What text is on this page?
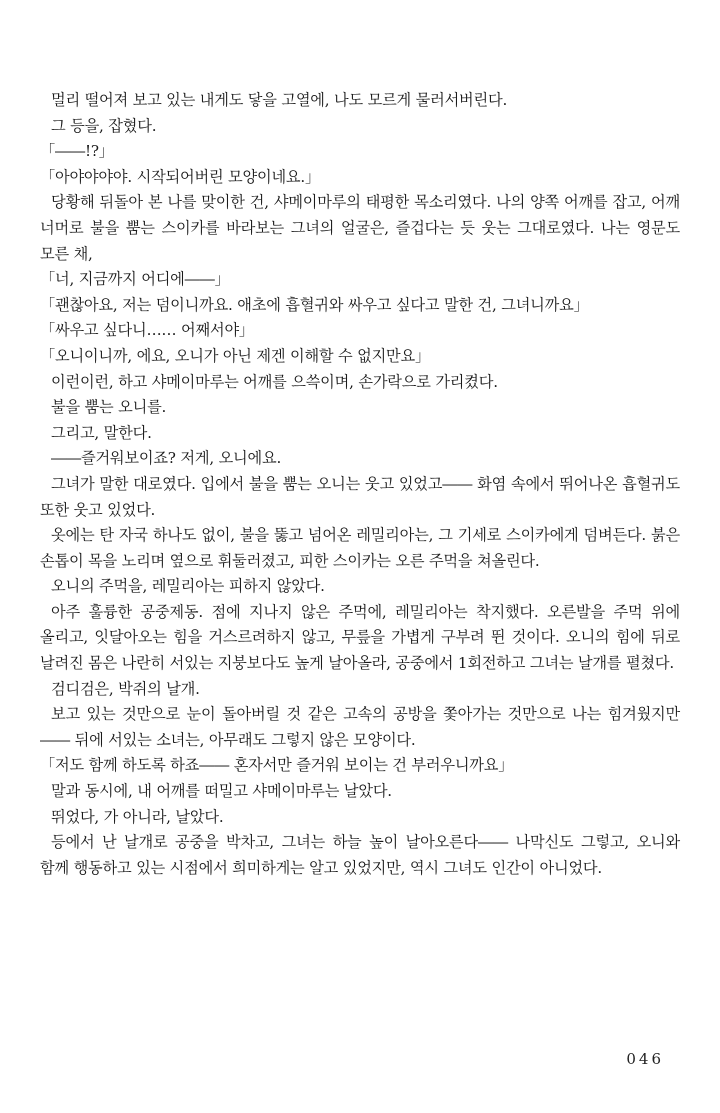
멀리 떨어져 보고 있는 내게도 닿을 고열에, 나도 모르게 물러서버린다.

그 등을, 잡혔다.

「――!?」

「아야야야야. 시작되어버린 모양이네요.」

당황해 뒤돌아 본 나를 맞이한 건, 샤메이마루의 태평한 목소리였다. 나의 양쪽 어깨를 잡고, 어깨 너머로 불을 뿜는 스이카를 바라보는 그녀의 얼굴은, 즐겁다는 듯 웃는 그대로였다. 나는 영문도 모른 채,

「너, 지금까지 어디에――」

「괜찮아요, 저는 덤이니까요. 애초에 흡혈귀와 싸우고 싶다고 말한 건, 그녀니까요」

「싸우고 싶다니…… 어째서야」

「오니이니까, 에요, 오니가 아닌 제겐 이해할 수 없지만요」

이런이런, 하고 샤메이마루는 어깨를 으쓱이며, 손가락으로 가리켰다.

불을 뿜는 오니를.

그리고, 말한다.

――즐거워보이죠? 저게, 오니에요.

그녀가 말한 대로였다. 입에서 불을 뿜는 오니는 웃고 있었고―― 화염 속에서 뛰어나온 흡혈귀도 또한 웃고 있었다.

옷에는 탄 자국 하나도 없이, 불을 뚫고 넘어온 레밀리아는, 그 기세로 스이카에게 덤벼든다. 붉은 손톱이 목을 노리며 옆으로 휘둘러졌고, 피한 스이카는 오른 주먹을 쳐올린다.

오니의 주먹을, 레밀리아는 피하지 않았다.

아주 훌륭한 공중제동. 점에 지나지 않은 주먹에, 레밀리아는 착지했다. 오른발을 주먹 위에 올리고, 잇달아오는 힘을 거스르려하지 않고, 무릎을 가볍게 구부려 뛴 것이다. 오니의 힘에 뒤로 날려진 몸은 나란히 서있는 지붕보다도 높게 날아올라, 공중에서 1회전하고 그녀는 날개를 펼쳤다.

검디검은, 박쥐의 날개.

보고 있는 것만으로 눈이 돌아버릴 것 같은 고속의 공방을 쫓아가는 것만으로 나는 힘겨웠지만―― 뒤에 서있는 소녀는, 아무래도 그렇지 않은 모양이다.

「저도 함께 하도록 하죠―― 혼자서만 즐거워 보이는 건 부러우니까요」

말과 동시에, 내 어깨를 떠밀고 샤메이마루는 날았다.

뛰었다, 가 아니라, 날았다.

등에서 난 날개로 공중을 박차고, 그녀는 하늘 높이 날아오른다―― 나막신도 그렇고, 오니와 함께 행동하고 있는 시점에서 희미하게는 알고 있었지만, 역시 그녀도 인간이 아니었다.

046
